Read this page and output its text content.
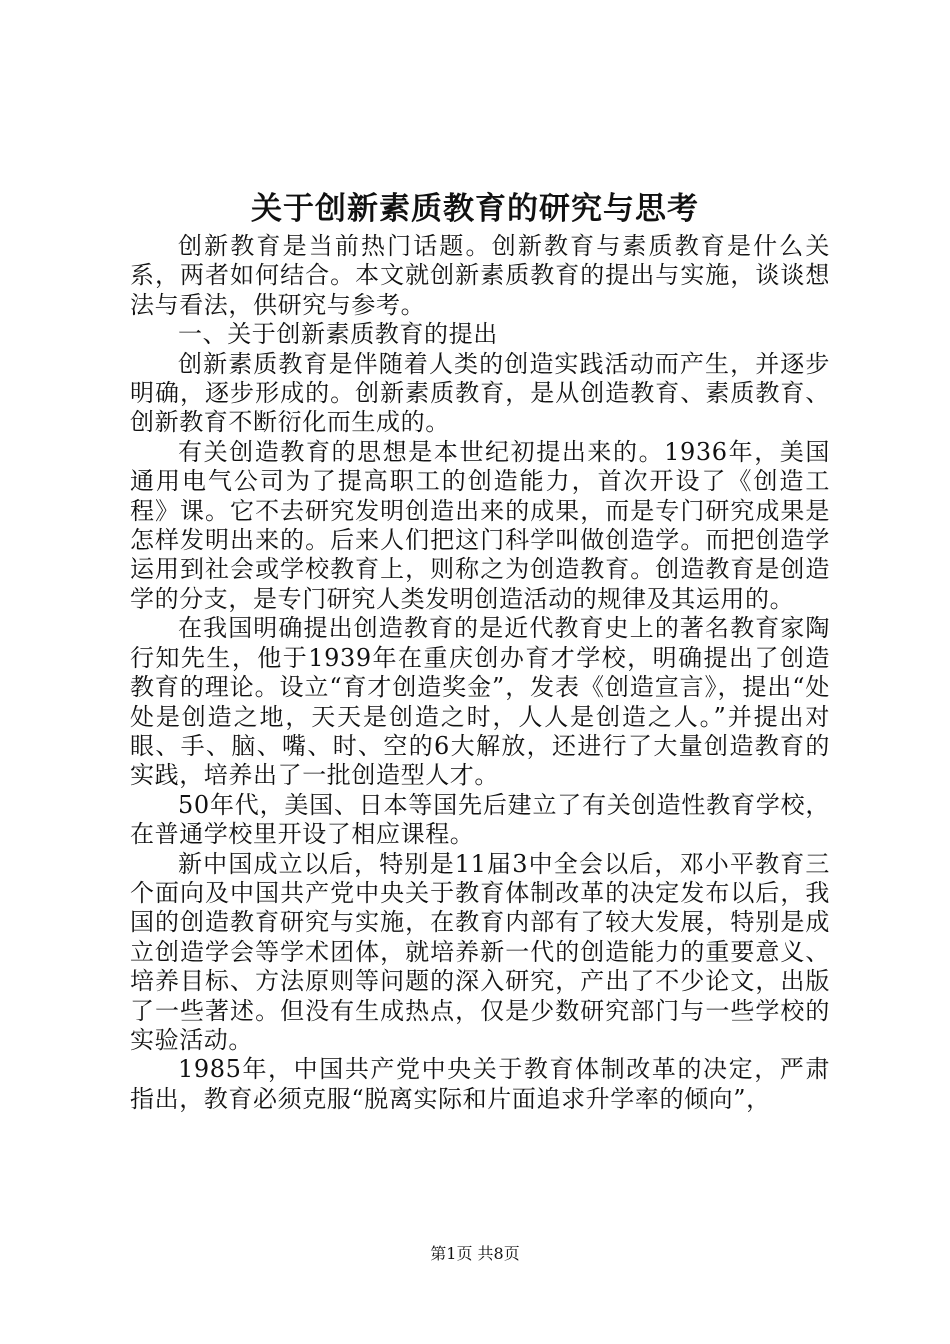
关于创新素质教育的研究与思考

创新教育是当前热门话题。创新教育与素质教育是什么关系，两者如何结合。本文就创新素质教育的提出与实施，谈谈想法与看法，供研究与参考。

一、关于创新素质教育的提出

创新素质教育是伴随着人类的创造实践活动而产生，并逐步明确，逐步形成的。创新素质教育，是从创造教育、素质教育、创新教育不断衍化而生成的。

有关创造教育的思想是本世纪初提出来的。1936年，美国通用电气公司为了提高职工的创造能力，首次开设了《创造工程》课。它不去研究发明创造出来的成果，而是专门研究成果是怎样发明出来的。后来人们把这门科学叫做创造学。而把创造学运用到社会或学校教育上，则称之为创造教育。创造教育是创造学的分支，是专门研究人类发明创造活动的规律及其运用的。

在我国明确提出创造教育的是近代教育史上的著名教育家陶行知先生，他于1939年在重庆创办育才学校，明确提出了创造教育的理论。设立“育才创造奖金”，发表《创造宣言》，提出“处处是创造之地，天天是创造之时，人人是创造之人。”并提出对眼、手、脑、嘴、时、空的6大解放，还进行了大量创造教育的实践，培养出了一批创造型人才。

50年代，美国、日本等国先后建立了有关创造性教育学校，在普通学校里开设了相应课程。

新中国成立以后，特别是11届3中全会以后，邓小平教育三个面向及中国共产党中央关于教育体制改革的决定发布以后，我国的创造教育研究与实施，在教育内部有了较大发展，特别是成立创造学会等学术团体，就培养新一代的创造能力的重要意义、培养目标、方法原则等问题的深入研究，产出了不少论文，出版了一些著述。但没有生成热点，仅是少数研究部门与一些学校的实验活动。

1985年，中国共产党中央关于教育体制改革的决定，严肃指出，教育必须克服“脱离实际和片面追求升学率的倾向”，

第1页 共8页
